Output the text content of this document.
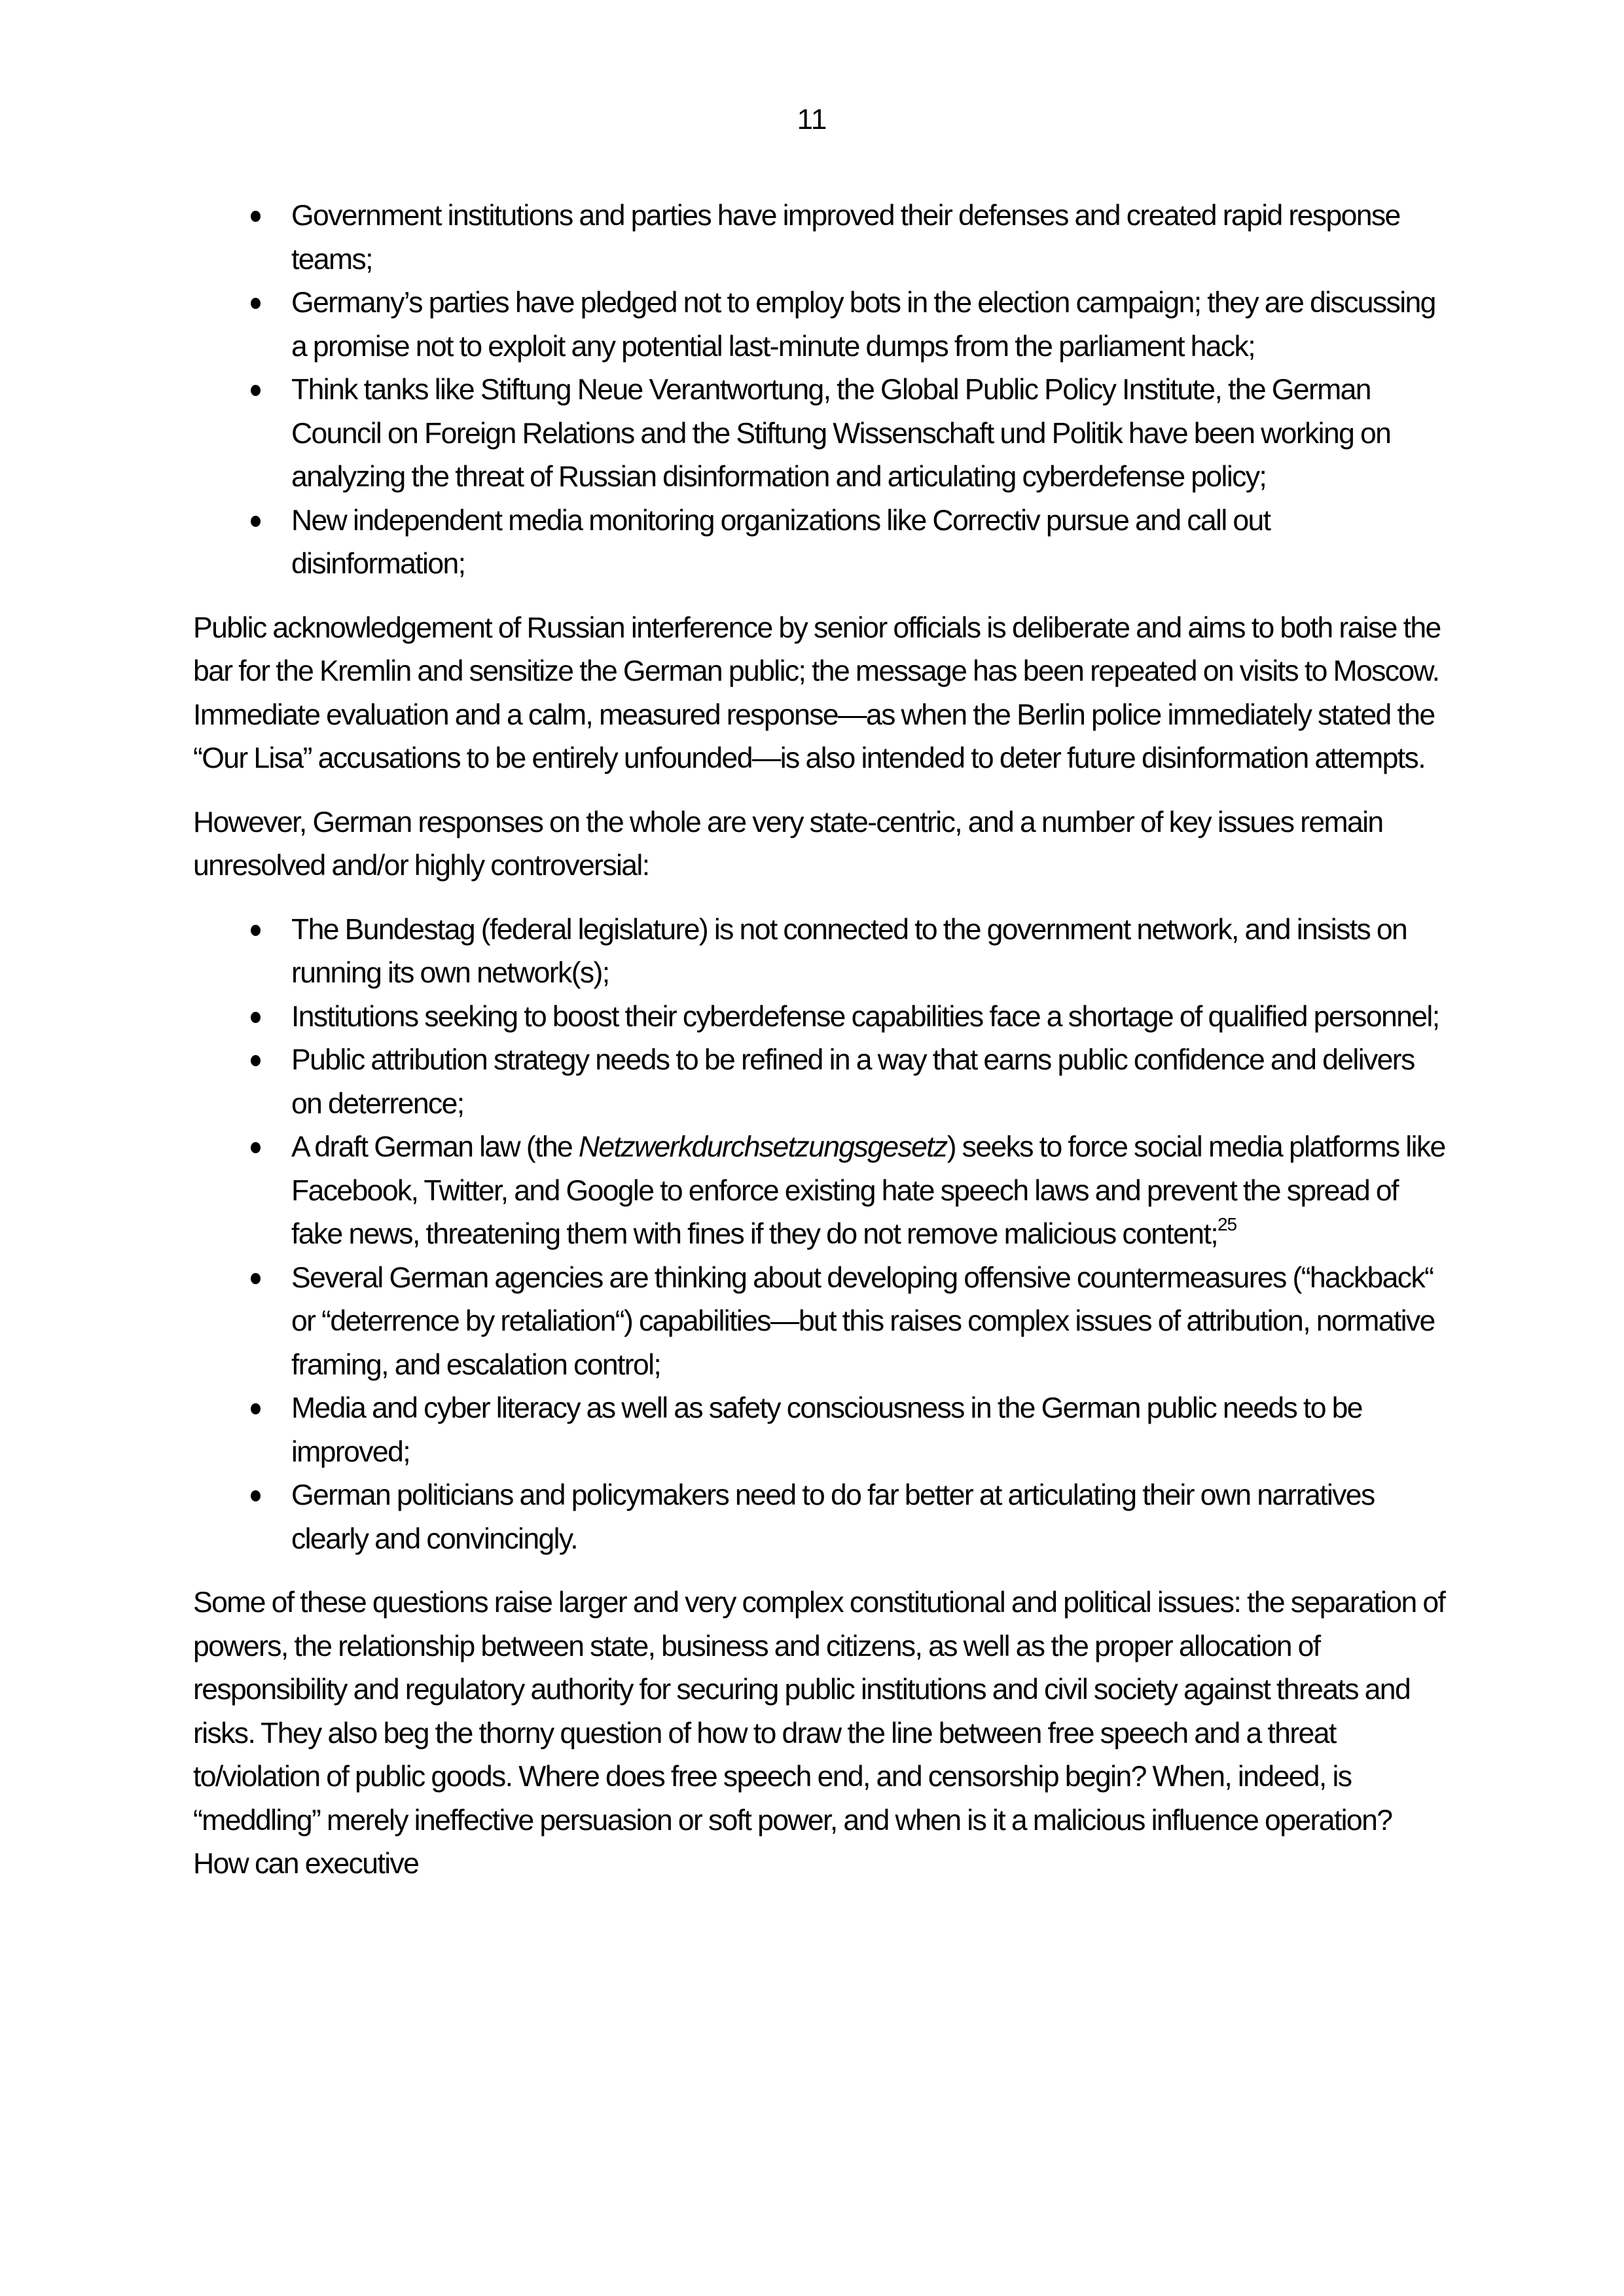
11
Government institutions and parties have improved their defenses and created rapid response teams;
Germany’s parties have pledged not to employ bots in the election campaign; they are discussing a promise not to exploit any potential last-minute dumps from the parliament hack;
Think tanks like Stiftung Neue Verantwortung, the Global Public Policy Institute, the German Council on Foreign Relations and the Stiftung Wissenschaft und Politik have been working on analyzing the threat of Russian disinformation and articulating cyberdefense policy;
New independent media monitoring organizations like Correctiv pursue and call out disinformation;

Public acknowledgement of Russian interference by senior officials is deliberate and aims to both raise the bar for the Kremlin and sensitize the German public; the message has been repeated on visits to Moscow. Immediate evaluation and a calm, measured response—as when the Berlin police immediately stated the “Our Lisa” accusations to be entirely unfounded—is also intended to deter future disinformation attempts.

However, German responses on the whole are very state-centric, and a number of key issues remain unresolved and/or highly controversial:

The Bundestag (federal legislature) is not connected to the government network, and insists on running its own network(s);
Institutions seeking to boost their cyberdefense capabilities face a shortage of qualified personnel;
Public attribution strategy needs to be refined in a way that earns public confidence and delivers on deterrence;
A draft German law (the Netzwerkdurchsetzungsgesetz) seeks to force social media platforms like Facebook, Twitter, and Google to enforce existing hate speech laws and prevent the spread of fake news, threatening them with fines if they do not remove malicious content;$^{25}$
Several German agencies are thinking about developing offensive countermeasures (“hackback“ or “deterrence by retaliation“) capabilities—but this raises complex issues of attribution, normative framing, and escalation control;
Media and cyber literacy as well as safety consciousness in the German public needs to be improved;
German politicians and policymakers need to do far better at articulating their own narratives clearly and convincingly.

Some of these questions raise larger and very complex constitutional and political issues: the separation of powers, the relationship between state, business and citizens, as well as the proper allocation of responsibility and regulatory authority for securing public institutions and civil society against threats and risks. They also beg the thorny question of how to draw the line between free speech and a threat to/violation of public goods. Where does free speech end, and censorship begin? When, indeed, is “meddling” merely ineffective persuasion or soft power, and when is it a malicious influence operation? How can executive
